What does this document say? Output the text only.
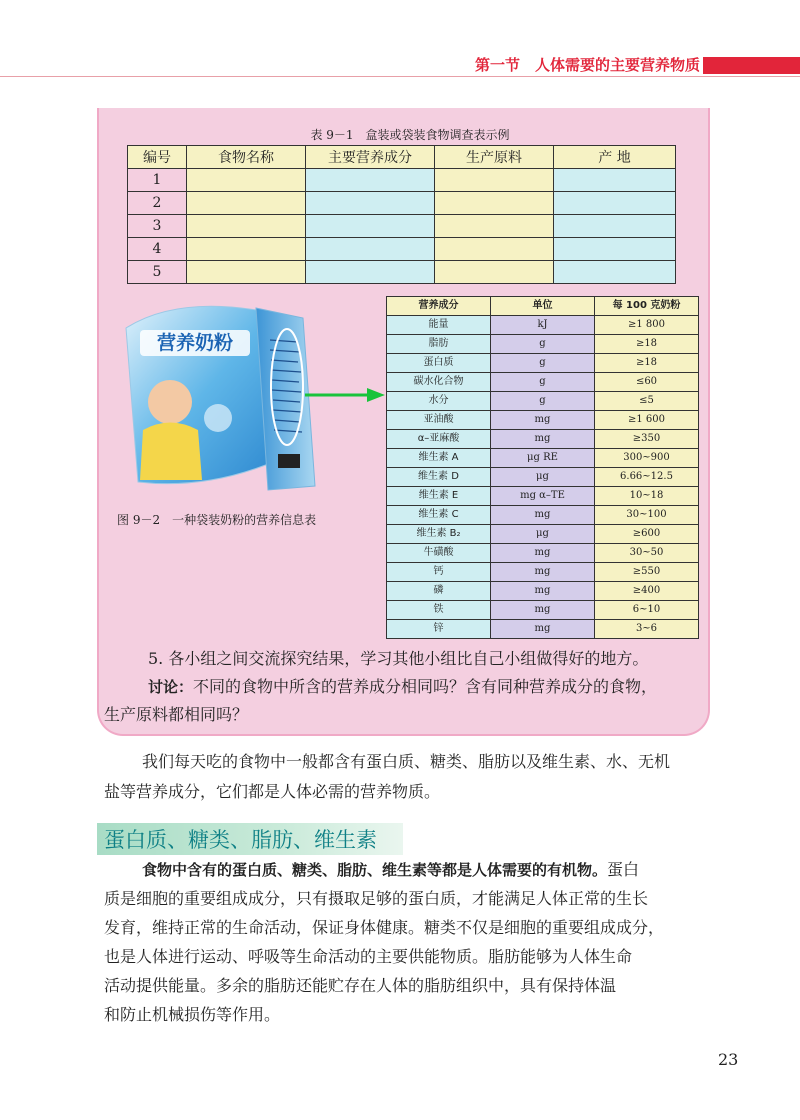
第一节　人体需要的主要营养物质
表 9－1　盒装或袋装食物调查表示例
编号	食物名称	主要营养成分	生产原料	产 地
1				
2				
3				
4				
5				
营养奶粉
图 9－2　一种袋装奶粉的营养信息表
营养成分	单位	每 100 克奶粉
能量	kJ	≥1 800
脂肪	g	≥18
蛋白质	g	≥18
碳水化合物	g	≤60
水分	g	≤5
亚油酸	mg	≥1 600
α–亚麻酸	mg	≥350
维生素 A	μg RE	300~900
维生素 D	μg	6.66~12.5
维生素 E	mg α–TE	10~18
维生素 C	mg	30~100
维生素 B₂	μg	≥600
牛磺酸	mg	30~50
钙	mg	≥550
磷	mg	≥400
铁	mg	6~10
锌	mg	3~6
5. 各小组之间交流探究结果，学习其他小组比自己小组做得好的地方。
讨论：不同的食物中所含的营养成分相同吗？含有同种营养成分的食物，
生产原料都相同吗？
我们每天吃的食物中一般都含有蛋白质、糖类、脂肪以及维生素、水、无机
盐等营养成分，它们都是人体必需的营养物质。
蛋白质、糖类、脂肪、维生素
食物中含有的蛋白质、糖类、脂肪、维生素等都是人体需要的有机物。蛋白
质是细胞的重要组成成分，只有摄取足够的蛋白质，才能满足人体正常的生长
发育，维持正常的生命活动，保证身体健康。糖类不仅是细胞的重要组成成分，
也是人体进行运动、呼吸等生命活动的主要供能物质。脂肪能够为人体生命
活动提供能量。多余的脂肪还能贮存在人体的脂肪组织中，具有保持体温
和防止机械损伤等作用。
23
